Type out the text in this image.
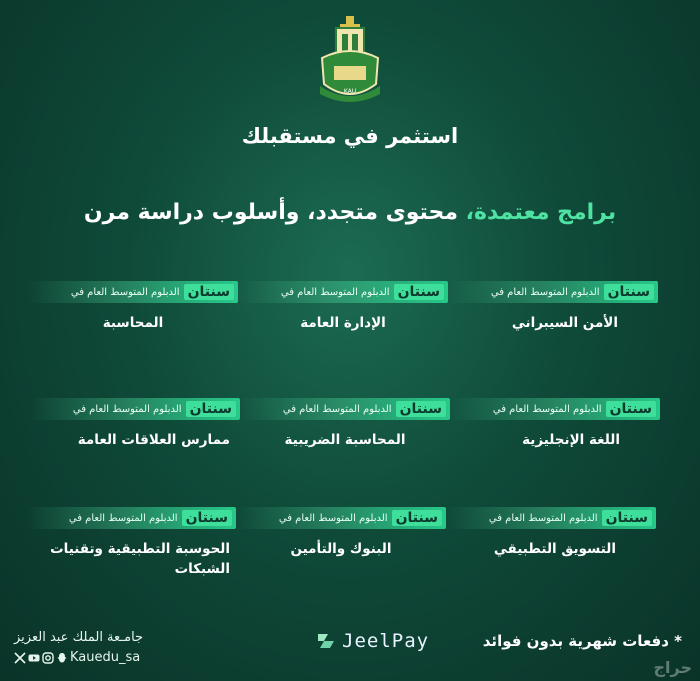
KAU
استثمر في مستقبلك
برامج معتمدة، محتوى متجدد، وأسلوب دراسة مرن
سنتان
الدبلوم المتوسط العام في
الأمن السيبراني
سنتان
الدبلوم المتوسط العام في
الإدارة العامة
سنتان
الدبلوم المتوسط العام في
المحاسبة
سنتان
الدبلوم المتوسط العام في
اللغة الإنجليزية
سنتان
الدبلوم المتوسط العام في
المحاسبة الضريبية
سنتان
الدبلوم المتوسط العام في
ممارس العلاقات العامة
سنتان
الدبلوم المتوسط العام في
التسويق التطبيقي
سنتان
الدبلوم المتوسط العام في
البنوك والتأمين
سنتان
الدبلوم المتوسط العام في
الحوسبة التطبيقية وتقنيات الشبكات
جامـعة الملك عبد العزيز
Kauedu_sa
JeelPay	* دفعات شهرية بدون فوائد
حراج
